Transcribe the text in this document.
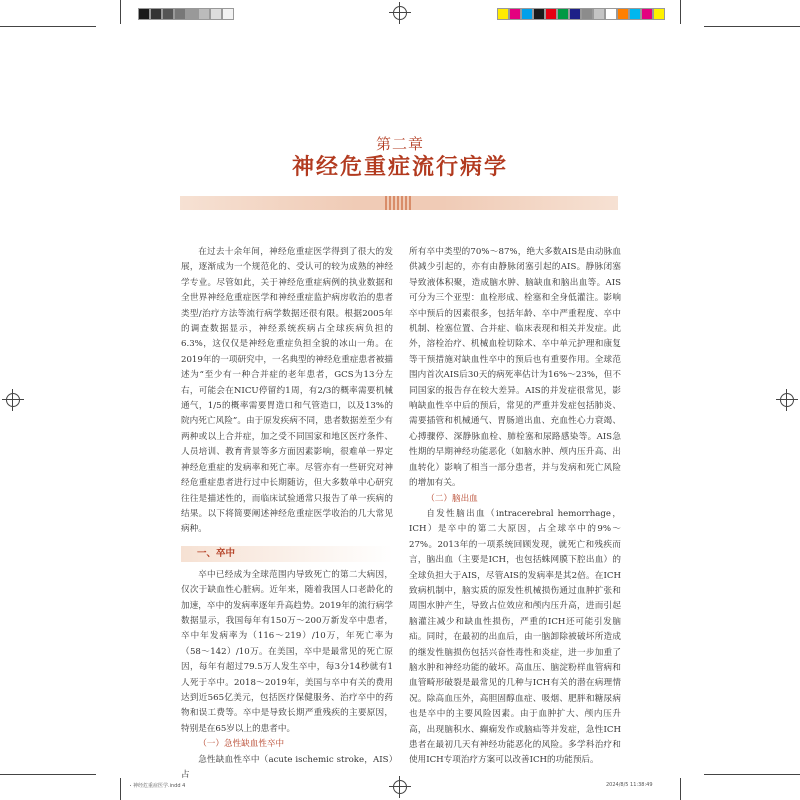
第二章
神经危重症流行病学

在过去十余年间，神经危重症医学得到了很大的发展，逐渐成为一个规范化的、受认可的较为成熟的神经学专业。尽管如此，关于神经危重症病例的执业数据和全世界神经危重症医学和神经重症监护病房收治的患者类型/治疗方法等流行病学数据还很有限。根据2005年的调查数据显示，神经系统疾病占全球疾病负担的6.3%，这仅仅是神经危重症负担全貌的冰山一角。在2019年的一项研究中，一名典型的神经危重症患者被描述为“至少有一种合并症的老年患者，GCS为13分左右，可能会在NICU停留约1周，有2/3的概率需要机械通气，1/5的概率需要胃造口和气管造口，以及13%的院内死亡风险”。由于原发疾病不同，患者数据差至少有两种或以上合并症，加之受不同国家和地区医疗条件、人员培训、教育背景等多方面因素影响，很难单一界定神经危重症的发病率和死亡率。尽管亦有一些研究对神经危重症患者进行过中长期随访，但大多数单中心研究往往是描述性的，而临床试验通常只报告了单一疾病的结果。以下将简要阐述神经危重症医学收治的几大常见病种。

一、卒中

卒中已经成为全球范围内导致死亡的第二大病因，仅次于缺血性心脏病。近年来，随着我国人口老龄化的加速，卒中的发病率逐年升高趋势。2019年的流行病学数据显示，我国每年有150万～200万新发卒中患者，卒中年发病率为（116～219）/10万，年死亡率为（58～142）/10万。在美国，卒中是最常见的死亡原因，每年有超过79.5万人发生卒中，每3分14秒就有1人死于卒中。2018～2019年，美国与卒中有关的费用达到近565亿美元，包括医疗保健服务、治疗卒中的药物和误工费等。卒中是导致长期严重残疾的主要原因，特别是在65岁以上的患者中。

（一）急性缺血性卒中

急性缺血性卒中（acute ischemic stroke，AIS）占

所有卒中类型的70%～87%，绝大多数AIS是由动脉血供减少引起的，亦有由静脉闭塞引起的AIS。静脉闭塞导致液体积聚，造成脑水肿、脑缺血和脑出血等。AIS可分为三个亚型：血栓形成、栓塞和全身低灌注。影响卒中预后的因素很多，包括年龄、卒中严重程度、卒中机制、栓塞位置、合并症、临床表现和相关并发症。此外，溶栓治疗、机械血栓切除术、卒中单元护理和康复等干预措施对缺血性卒中的预后也有重要作用。全球范围内首次AIS后30天的病死率估计为16%～23%，但不同国家的报告存在较大差异。AIS的并发症很常见，影响缺血性卒中后的预后，常见的严重并发症包括肺炎、需要插管和机械通气、胃肠道出血、充血性心力衰竭、心搏骤停、深静脉血栓、肺栓塞和尿路感染等。AIS急性期的早期神经功能恶化（如脑水肿、颅内压升高、出血转化）影响了相当一部分患者，并与发病和死亡风险的增加有关。

（二）脑出血

自发性脑出血（intracerebral hemorrhage，ICH）是卒中的第二大原因，占全球卒中的9%～27%。2013年的一项系统回顾发现，就死亡和残疾而言，脑出血（主要是ICH，也包括蛛网膜下腔出血）的全球负担大于AIS，尽管AIS的发病率是其2倍。在ICH致病机制中，脑实质的原发性机械损伤通过血肿扩张和周围水肿产生，导致占位效应和颅内压升高，进而引起脑灌注减少和缺血性损伤，严重的ICH还可能引发脑疝。同时，在最初的出血后，由一脑卸除被破坏所造成的继发性脑损伤包括兴奋性毒性和炎症，进一步加重了脑水肿和神经功能的破坏。高血压、脑淀粉样血管病和血管畸形破裂是最常见的几种与ICH有关的潜在病理情况。除高血压外，高胆固醇血症、吸烟、肥胖和糖尿病也是卒中的主要风险因素。由于血肿扩大、颅内压升高，出现脑积水、癫痫发作或脑疝等并发症，急性ICH患者在最初几天有神经功能恶化的风险。多学科治疗和使用ICH专项治疗方案可以改善ICH的功能预后。

神经危重症医学.indd 4	2024/8/5 11:38:49
